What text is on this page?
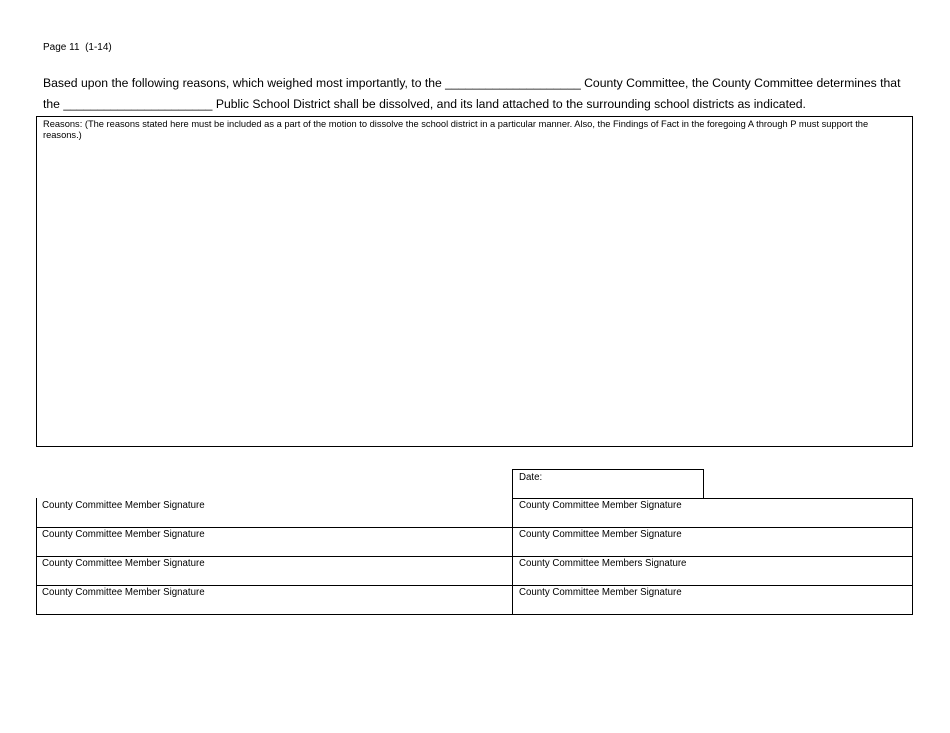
Page 11  (1-14)
Based upon the following reasons, which weighed most importantly, to the ____________________ County Committee, the County Committee determines that
the ______________________ Public School District shall be dissolved, and its land attached to the surrounding school districts as indicated.
Reasons: (The reasons stated here must be included as a part of the motion to dissolve the school district in a particular manner. Also, the Findings of Fact in the foregoing A through P must support the reasons.)
Date:
County Committee Member Signature
County Committee Member Signature
County Committee Member Signature
County Committee Member Signature
County Committee Member Signature
County Committee Member Signature
County Committee Members Signature
County Committee Member Signature
